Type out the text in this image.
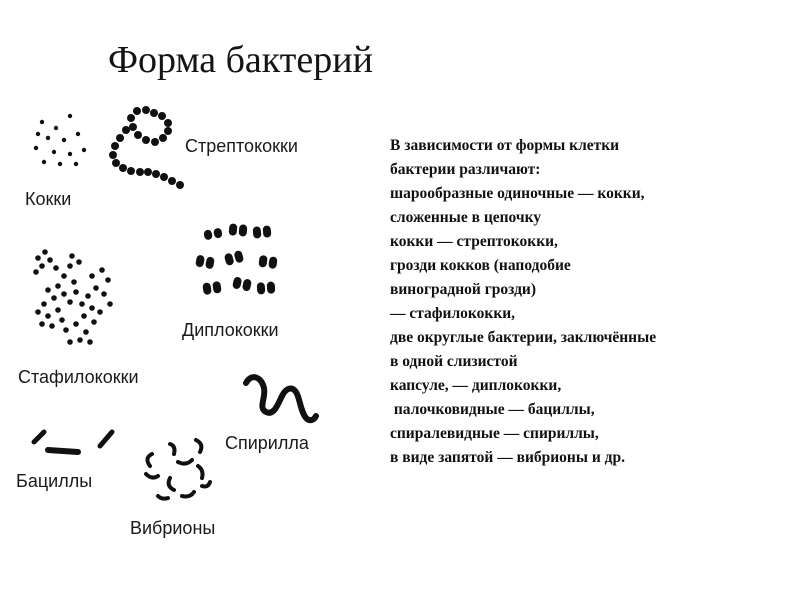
Форма бактерий
Стрептококки
Кокки
Диплококки
Стафилококки
Спирилла
Бациллы
Вибрионы
В зависимости от формы клетки
бактерии различают:
шарообразные одиночные — кокки,
сложенные в цепочку
кокки — стрептококки,
грозди кокков (наподобие
виноградной грозди)
— стафилококки,
две округлые бактерии, заключённые
в одной слизистой
капсуле, — диплококки,
палочковидные — бациллы,
спиралевидные — спириллы,
в виде запятой — вибрионы и др.
